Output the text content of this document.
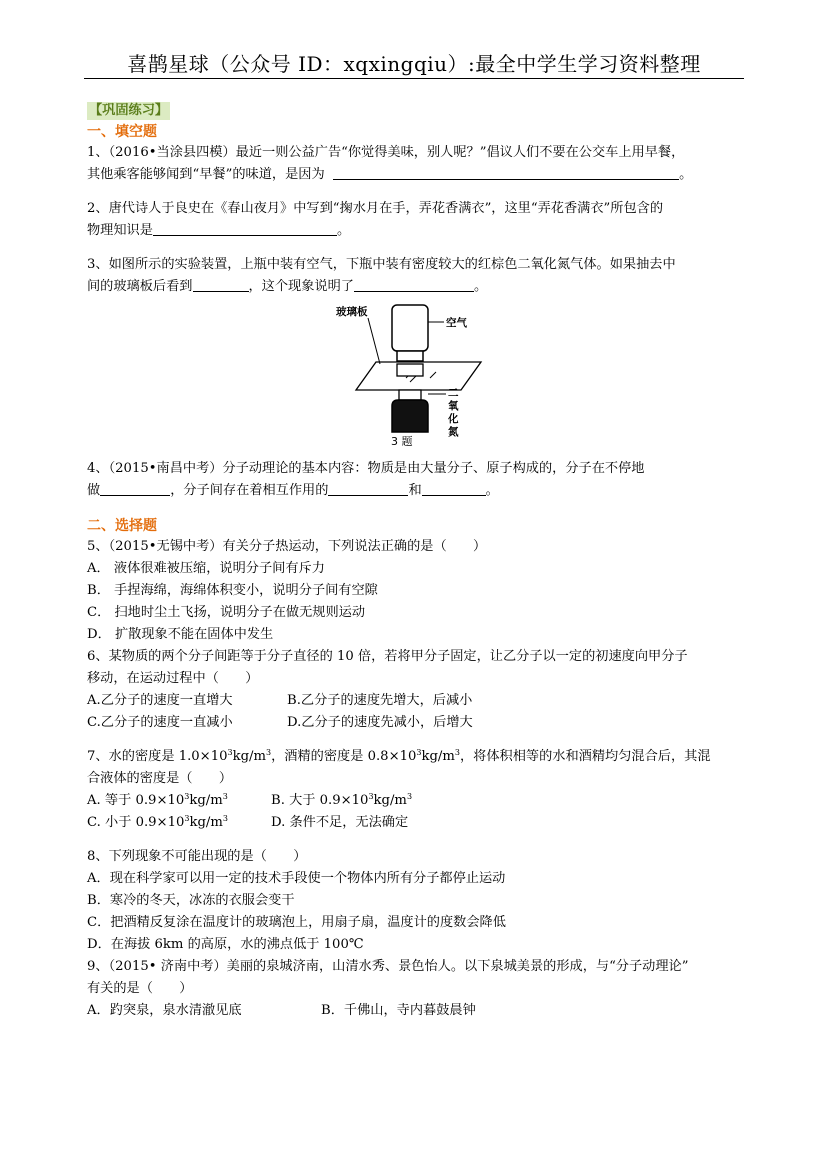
喜鹊星球（公众号 ID：xqxingqiu）:最全中学生学习资料整理
【巩固练习】
一、填空题

1、（2016•当涂县四模）最近一则公益广告“你觉得美味，别人呢？”倡议人们不要在公交车上用早餐，

其他乘客能够闻到“早餐”的味道，是因为	。

2、唐代诗人于良史在《春山夜月》中写到“掬水月在手，弄花香满衣”，这里“弄花香满衣”所包含的

物理知识是	。

3、如图所示的实验装置，上瓶中装有空气，下瓶中装有密度较大的红棕色二氧化氮气体。如果抽去中

间的玻璃板后看到	，这个现象说明了	。

玻璃板
空气
二
氧
化
氮
3 题

4、（2015•南昌中考）分子动理论的基本内容：物质是由大量分子、原子构成的，分子在不停地

做	，分子间存在着相互作用的	和	。

二、选择题

5、（2015•无锡中考）有关分子热运动，下列说法正确的是（　　）

A． 液体很难被压缩，说明分子间有斥力

B． 手捏海绵，海绵体积变小，说明分子间有空隙

C． 扫地时尘土飞扬，说明分子在做无规则运动

D． 扩散现象不能在固体中发生

6、某物质的两个分子间距等于分子直径的 10 倍，若将甲分子固定，让乙分子以一定的初速度向甲分子

移动，在运动过程中（　　）

A.乙分子的速度一直增大	B.乙分子的速度先增大，后减小
C.乙分子的速度一直减小	D.乙分子的速度先减小，后增大

7、水的密度是 $1.0\times 10^3kg/m^3$，酒精的密度是 $0.8\times 10^3kg/m^3$，将体积相等的水和酒精均匀混合后，其混

合液体的密度是（　　）

A. 等于 $0.9\times 10^3kg/m^3$	B. 大于 $0.9\times 10^3kg/m^3$
C. 小于 $0.9\times 10^3kg/m^3$	D. 条件不足，无法确定

8、下列现象不可能出现的是（　　）

A．现在科学家可以用一定的技术手段使一个物体内所有分子都停止运动

B．寒冷的冬天，冰冻的衣服会变干

C．把酒精反复涂在温度计的玻璃泡上，用扇子扇，温度计的度数会降低

D．在海拔 6km 的高原，水的沸点低于 100℃

9、（2015• 济南中考）美丽的泉城济南，山清水秀、景色怡人。以下泉城美景的形成，与“分子动理论”

有关的是（　　）

A．趵突泉，泉水清澈见底	B．千佛山，寺内暮鼓晨钟
